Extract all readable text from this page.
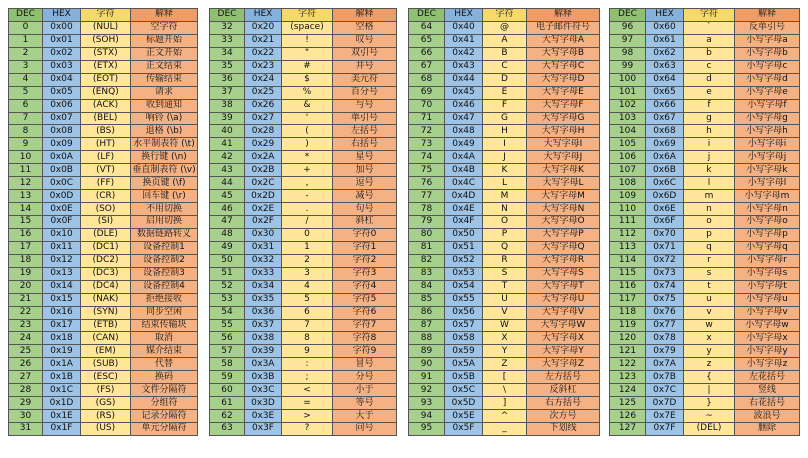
DEC	HEX	字符	解释
0	0x00	(NUL)	空字符
1	0x01	(SOH)	标题开始
2	0x02	(STX)	正文开始
3	0x03	(ETX)	正文结束
4	0x04	(EOT)	传输结束
5	0x05	(ENQ)	请求
6	0x06	(ACK)	收到通知
7	0x07	(BEL)	响铃 (\a)
8	0x08	(BS)	退格 (\b)
9	0x09	(HT)	水平制表符 (\t)
10	0x0A	(LF)	换行键 (\n)
11	0x0B	(VT)	垂直制表符 (\v)
12	0x0C	(FF)	换页键 (\f)
13	0x0D	(CR)	回车键 (\r)
14	0x0E	(SO)	不用切换
15	0x0F	(SI)	启用切换
16	0x10	(DLE)	数据链路转义
17	0x11	(DC1)	设备控制1
18	0x12	(DC2)	设备控制2
19	0x13	(DC3)	设备控制3
20	0x14	(DC4)	设备控制4
21	0x15	(NAK)	拒绝接收
22	0x16	(SYN)	同步空闲
23	0x17	(ETB)	结束传输块
24	0x18	(CAN)	取消
25	0x19	(EM)	媒介结束
26	0x1A	(SUB)	代替
27	0x1B	(ESC)	换码
28	0x1C	(FS)	文件分隔符
29	0x1D	(GS)	分组符
30	0x1E	(RS)	记录分隔符
31	0x1F	(US)	单元分隔符
DEC	HEX	字符	解释
32	0x20	(space)	空格
33	0x21	!	叹号
34	0x22	"	双引号
35	0x23	#	井号
36	0x24	$	美元符
37	0x25	%	百分号
38	0x26	&	与号
39	0x27	'	单引号
40	0x28	(	左括号
41	0x29	)	右括号
42	0x2A	*	星号
43	0x2B	+	加号
44	0x2C	,	逗号
45	0x2D	-	减号
46	0x2E	.	句号
47	0x2F	/	斜杠
48	0x30	0	字符0
49	0x31	1	字符1
50	0x32	2	字符2
51	0x33	3	字符3
52	0x34	4	字符4
53	0x35	5	字符5
54	0x36	6	字符6
55	0x37	7	字符7
56	0x38	8	字符8
57	0x39	9	字符9
58	0x3A	:	冒号
59	0x3B	;	分号
60	0x3C	<	小于
61	0x3D	=	等号
62	0x3E	>	大于
63	0x3F	?	问号
DEC	HEX	字符	解释
64	0x40	@	电子邮件符号
65	0x41	A	大写字母A
66	0x42	B	大写字母B
67	0x43	C	大写字母C
68	0x44	D	大写字母D
69	0x45	E	大写字母E
70	0x46	F	大写字母F
71	0x47	G	大写字母G
72	0x48	H	大写字母H
73	0x49	I	大写字母I
74	0x4A	J	大写字母J
75	0x4B	K	大写字母K
76	0x4C	L	大写字母L
77	0x4D	M	大写字母M
78	0x4E	N	大写字母N
79	0x4F	O	大写字母O
80	0x50	P	大写字母P
81	0x51	Q	大写字母Q
82	0x52	R	大写字母R
83	0x53	S	大写字母S
84	0x54	T	大写字母T
85	0x55	U	大写字母U
86	0x56	V	大写字母V
87	0x57	W	大写字母W
88	0x58	X	大写字母X
89	0x59	Y	大写字母Y
90	0x5A	Z	大写字母Z
91	0x5B	[	左方括号
92	0x5C	\	反斜杠
93	0x5D	]	右方括号
94	0x5E	^	次方号
95	0x5F	_	下划线
DEC	HEX	字符	解释
96	0x60	`	反单引号
97	0x61	a	小写字母a
98	0x62	b	小写字母b
99	0x63	c	小写字母c
100	0x64	d	小写字母d
101	0x65	e	小写字母e
102	0x66	f	小写字母f
103	0x67	g	小写字母g
104	0x68	h	小写字母h
105	0x69	i	小写字母i
106	0x6A	j	小写字母j
107	0x6B	k	小写字母k
108	0x6C	l	小写字母l
109	0x6D	m	小写字母m
110	0x6E	n	小写字母n
111	0x6F	o	小写字母o
112	0x70	p	小写字母p
113	0x71	q	小写字母q
114	0x72	r	小写字母r
115	0x73	s	小写字母s
116	0x74	t	小写字母t
117	0x75	u	小写字母u
118	0x76	v	小写字母v
119	0x77	w	小写字母w
120	0x78	x	小写字母x
121	0x79	y	小写字母y
122	0x7A	z	小写字母z
123	0x7B	{	左花括号
124	0x7C	|	竖线
125	0x7D	}	右花括号
126	0x7E	~	波浪号
127	0x7F	(DEL)	删除
